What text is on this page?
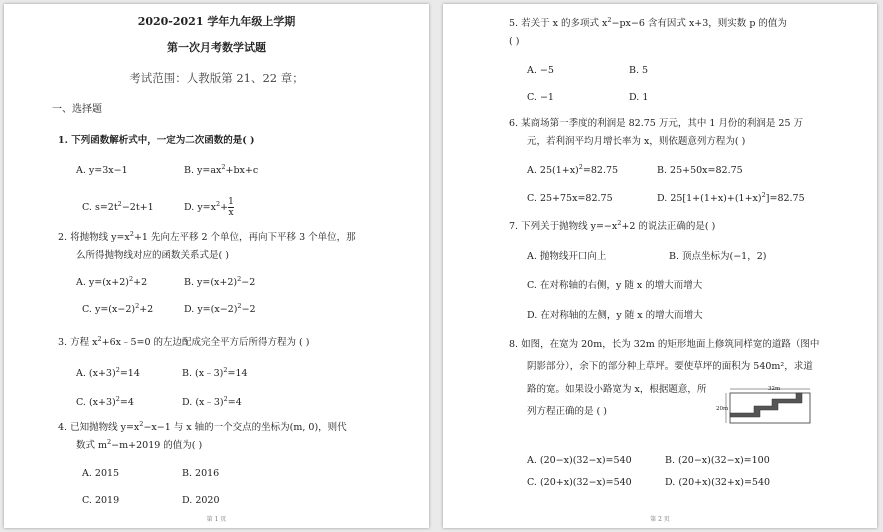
2020-2021 学年九年级上学期
第一次月考数学试题
考试范围：人教版第 21、22 章；
一、选择题
1. 下列函数解析式中，一定为二次函数的是( )
A. y=3x−1	B. $y=ax^2+bx+c$
C. $s=2t^2-2t+1$	D. $y=x^2+ \frac{1}{x}$
2. 将抛物线 $y=x^2+1$ 先向左平移 2 个单位，再向下平移 3 个单位，那
么所得抛物线对应的函数关系式是( )
A. $y=(x+2)^2+2$	B. $y=(x+2)^2-2$
C. $y=(x-2)^2+2$	D. $y=(x-2)^2-2$
3. 方程 $x^2+6x﹣5=0$ 的左边配成完全平方后所得方程为 ( )
A. $(x+3)^2=14$	B. (x﹣3)$^2$=14
C. $(x+3)^2=4$	D. (x﹣3)$^2$=4
4. 已知抛物线 $y=x^2-x-1$ 与 x 轴的一个交点的坐标为(m, 0)，则代
数式 $m^2-m+2019$ 的值为( )
A. 2015	B. 2016
C. 2019	D. 2020
第 1 页
5. 若关于 x 的多项式 $x^2-px-6$ 含有因式 x+3，则实数 p 的值为
( )
A. −5	B. 5
C. −1	D. 1
6. 某商场第一季度的利润是 82.75 万元，其中 1 月份的利润是 25 万
元，若利润平均月增长率为 x，则依题意列方程为( )
A. $25(1+x)^2=82.75$	B. 25+50x=82.75
C. 25+75x=82.75	D. $25[1+(1+x)+(1+x)^2]=82.75$
7. 下列关于抛物线 $y=-x^2+2$ 的说法正确的是( )
A. 抛物线开口向上	B. 顶点坐标为(−1，2)
C. 在对称轴的右侧，y 随 x 的增大而增大
D. 在对称轴的左侧，y 随 x 的增大而增大
8. 如图，在宽为 20m，长为 32m 的矩形地面上修筑同样宽的道路（图中
阴影部分），余下的部分种上草坪。要使草坪的面积为 540m²，求道
路的宽。如果设小路宽为 x，根据题意，所
列方程正确的是 ( )
32m
20m
A. (20−x)(32−x)=540	B. (20−x)(32−x)=100
C. (20+x)(32−x)=540	D. (20+x)(32+x)=540
第 2 页
